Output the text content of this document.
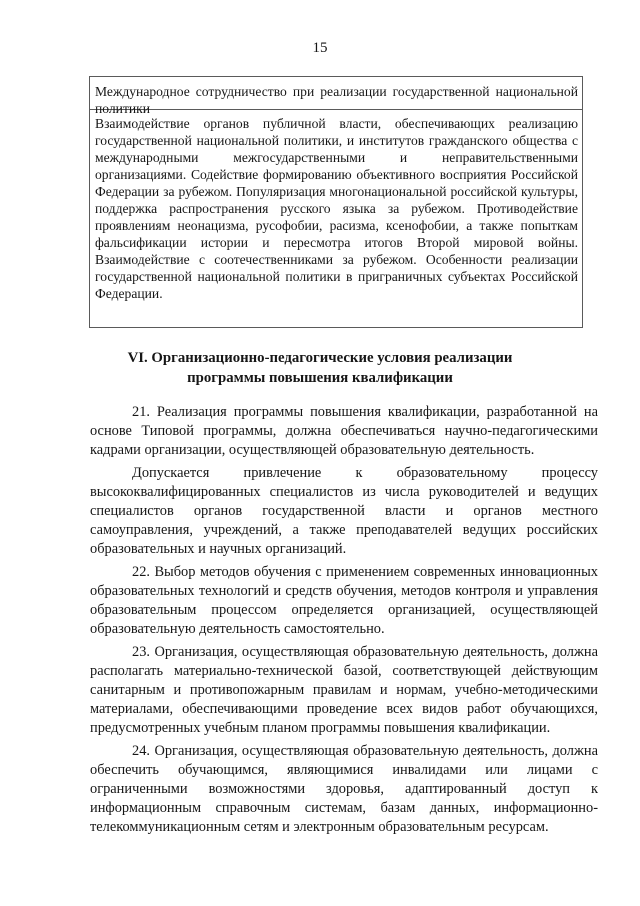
15

Международное сотрудничество при реализации государственной национальной политики

Взаимодействие органов публичной власти, обеспечивающих реализацию государственной национальной политики, и институтов гражданского общества с международными межгосударственными и неправительственными организациями. Содействие формированию объективного восприятия Российской Федерации за рубежом. Популяризация многонациональной российской культуры, поддержка распространения русского языка за рубежом. Противодействие проявлениям неонацизма, русофобии, расизма, ксенофобии, а также попыткам фальсификации истории и пересмотра итогов Второй мировой войны. Взаимодействие с соотечественниками за рубежом. Особенности реализации государственной национальной политики в приграничных субъектах Российской Федерации.

VI. Организационно-педагогические условия реализации
программы повышения квалификации

21. Реализация программы повышения квалификации, разработанной на основе Типовой программы, должна обеспечиваться научно-педагогическими кадрами организации, осуществляющей образовательную деятельность.

Допускается привлечение к образовательному процессу высококвалифицированных специалистов из числа руководителей и ведущих специалистов органов государственной власти и органов местного самоуправления, учреждений, а также преподавателей ведущих российских образовательных и научных организаций.

22. Выбор методов обучения с применением современных инновационных образовательных технологий и средств обучения, методов контроля и управления образовательным процессом определяется организацией, осуществляющей образовательную деятельность самостоятельно.

23. Организация, осуществляющая образовательную деятельность, должна располагать материально-технической базой, соответствующей действующим санитарным и противопожарным правилам и нормам, учебно-методическими материалами, обеспечивающими проведение всех видов работ обучающихся, предусмотренных учебным планом программы повышения квалификации.

24. Организация, осуществляющая образовательную деятельность, должна обеспечить обучающимся, являющимися инвалидами или лицами с ограниченными возможностями здоровья, адаптированный доступ к информационным справочным системам, базам данных, информационно-телекоммуникационным сетям и электронным образовательным ресурсам.
